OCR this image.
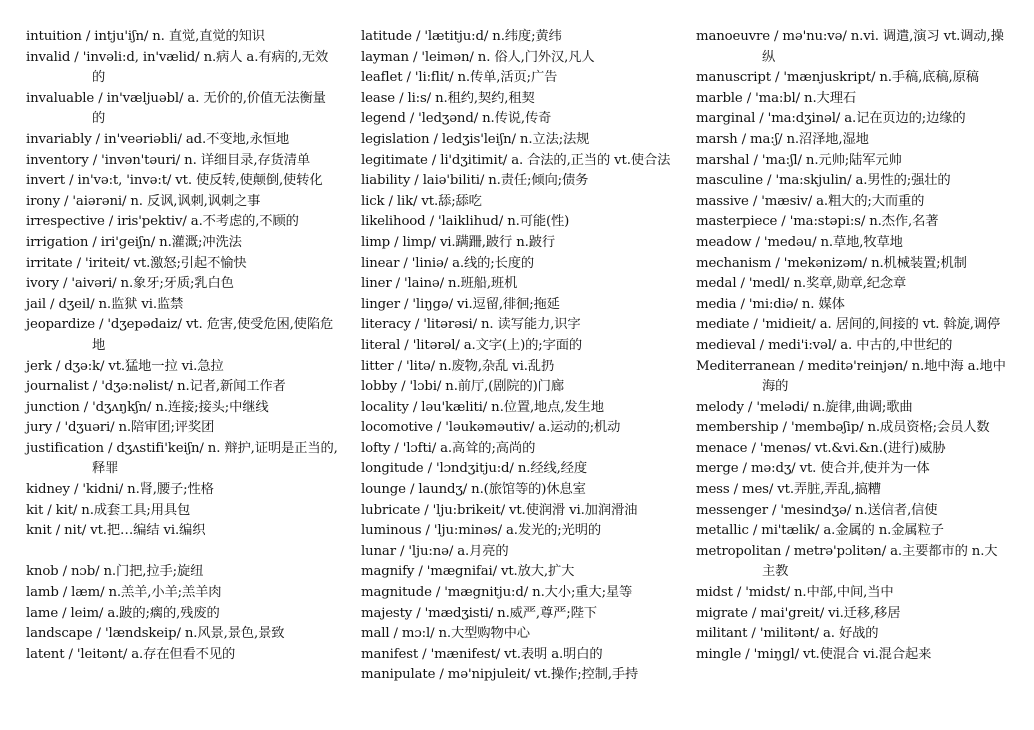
intuition / intju'iʃn/ n. 直觉,直觉的知识
invalid / 'invəli:d, in'vælid/ n.病人 a.有病的,无效的
invaluable / in'væljuəbl/ a. 无价的,价值无法衡量的
invariably / in'veəriəbli/ ad.不变地,永恒地
inventory / 'invən'təuri/ n. 详细目录,存货清单
invert / in'və:t, 'invə:t/ vt. 使反转,使颠倒,使转化
irony / 'aiərəni/ n. 反讽,讽刺,讽刺之事
irrespective / iris'pektiv/ a.不考虑的,不顾的
irrigation / iri'geiʃn/ n.灌溉;冲洗法
irritate / 'iriteit/ vt.激怒;引起不愉快
ivory / 'aivəri/ n.象牙;牙质;乳白色
jail / dʒeil/ n.监狱 vi.监禁
jeopardize / 'dʒepədaiz/ vt. 危害,使受危困,使陷危地
jerk / dʒə:k/ vt.猛地一拉 vi.急拉
journalist / 'dʒə:nəlist/ n.记者,新闻工作者
junction / 'dʒʌŋkʃn/ n.连接;接头;中继线
jury / 'dʒuəri/ n.陪审团;评奖团
justification / dʒʌstifi'keiʃn/ n. 辩护,证明是正当的,释罪
kidney / 'kidni/ n.肾,腰子;性格
kit / kit/ n.成套工具;用具包
knit / nit/ vt.把…编结 vi.编织
knob / nɔb/ n.门把,拉手;旋纽
lamb / læm/ n.羔羊,小羊;羔羊肉
lame / leim/ a.跛的;瘸的,残废的
landscape / 'lændskeip/ n.风景,景色,景致
latent / 'leitənt/ a.存在但看不见的
latitude / 'lætitju:d/ n.纬度;黄纬
layman / 'leimən/ n. 俗人,门外汉,凡人
leaflet / 'li:flit/ n.传单,活页;广告
lease / li:s/ n.租约,契约,租契
legend / 'ledʒənd/ n.传说,传奇
legislation / ledʒis'leiʃn/ n.立法;法规
legitimate / li'dʒitimit/ a. 合法的,正当的 vt.使合法
liability / laiə'biliti/ n.责任;倾向;债务
lick / lik/ vt.舔;舔吃
likelihood / 'laiklihud/ n.可能(性)
limp / limp/ vi.蹒跚,跛行 n.跛行
linear / 'liniə/ a.线的;长度的
liner / 'lainə/ n.班船,班机
linger / 'liŋgə/ vi.逗留,徘徊;拖延
literacy / 'litərəsi/ n. 读写能力,识字
literal / 'litərəl/ a.文字(上)的;字面的
litter / 'litə/ n.废物,杂乱 vi.乱扔
lobby / 'lɔbi/ n.前厅,(剧院的)门廊
locality / ləu'kæliti/ n.位置,地点,发生地
locomotive / 'ləukəməutiv/ a.运动的;机动
lofty / 'lɔfti/ a.高耸的;高尚的
longitude / 'lɔndʒitju:d/ n.经线,经度
lounge / laundʒ/ n.(旅馆等的)休息室
lubricate / 'lju:brikeit/ vt.使润滑 vi.加润滑油
luminous / 'lju:minəs/ a.发光的;光明的
lunar / 'lju:nə/ a.月亮的
magnify / 'mægnifai/ vt.放大,扩大
magnitude / 'mægnitju:d/ n.大小;重大;星等
majesty / 'mædʒisti/ n.威严,尊严;陛下
mall / mɔ:l/ n.大型购物中心
manifest / 'mænifest/ vt.表明 a.明白的
manipulate / mə'nipjuleit/ vt.操作;控制,手持
manoeuvre / mə'nu:və/ n.vi. 调遣,演习 vt.调动,操纵
manuscript / 'mænjuskript/ n.手稿,底稿,原稿
marble / 'ma:bl/ n.大理石
marginal / 'ma:dʒinəl/ a.记在页边的;边缘的
marsh / ma:ʃ/ n.沼泽地,湿地
marshal / 'ma:ʃl/ n.元帅;陆军元帅
masculine / 'ma:skjulin/ a.男性的;强壮的
massive / 'mæsiv/ a.粗大的;大而重的
masterpiece / 'ma:stəpi:s/ n.杰作,名著
meadow / 'medəu/ n.草地,牧草地
mechanism / 'mekənizəm/ n.机械装置;机制
medal / 'medl/ n.奖章,勋章,纪念章
media / 'mi:diə/ n. 媒体
mediate / 'midieit/ a. 居间的,间接的 vt. 斡旋,调停
medieval / medi'i:vəl/ a. 中古的,中世纪的
Mediterranean / meditə'reinjən/ n.地中海 a.地中海的
melody / 'melədi/ n.旋律,曲调;歌曲
membership / 'membəʃip/ n.成员资格;会员人数
menace / 'menəs/ vt.&vi.&n.(进行)威胁
merge / mə:dʒ/ vt. 使合并,使并为一体
mess / mes/ vt.弄脏,弄乱,搞糟
messenger / 'mesindʒə/ n.送信者,信使
metallic / mi'tælik/ a.金属的 n.金属粒子
metropolitan / metrə'pɔlitən/ a.主要都市的 n.大主教
midst / 'midst/ n.中部,中间,当中
migrate / mai'greit/ vi.迁移,移居
militant / 'militənt/ a. 好战的
mingle / 'miŋgl/ vt.使混合 vi.混合起来
